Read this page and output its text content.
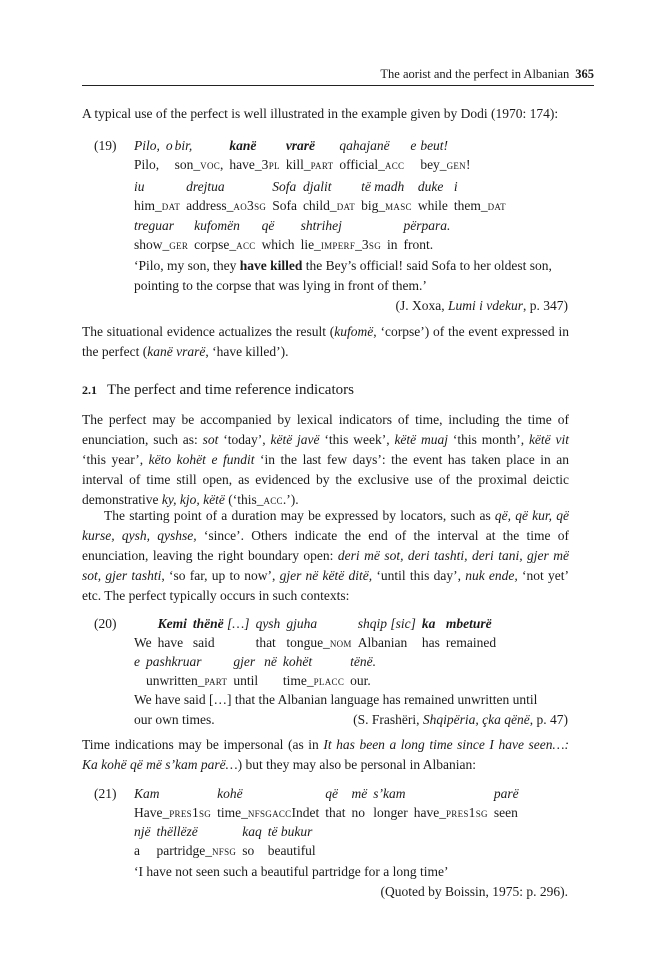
The aorist and the perfect in Albanian 365
A typical use of the perfect is well illustrated in the example given by Dodi (1970: 174):
(19) Pilo,	o	bir,	kanë	vrarë	qahajanë	e	beut!
Pilo,		son_voc,	have_3pl	kill_part	official_acc		bey_gen!
iu	drejtua	Sofa	djalit	të madh	duke	i
him_dat	address_ao3sg	Sofa	child_dat	big_masc	while	them_dat
treguar	kufomën	që	shtrihej		përpara.
show_ger	corpse_acc	which	lie_imperf_3sg	in	front.
‘Pilo, my son, they have killed the Bey’s official! said Sofa to her oldest son, pointing to the corpse that was lying in front of them.’
(J. Xoxa, Lumi i vdekur, p. 347)
The situational evidence actualizes the result (kufomë, ‘corpse’) of the event expressed in the perfect (kanë vrarë, ‘have killed’).
2.1 The perfect and time reference indicators
The perfect may be accompanied by lexical indicators of time, including the time of enunciation, such as: sot ‘today’, këtë javë ‘this week’, këtë muaj ‘this month’, këtë vit ‘this year’, këto kohët e fundit ‘in the last few days’: the event has taken place in an interval of time still open, as evidenced by the exclusive use of the proximal deictic demonstrative ky, kjo, këtë (‘this_acc.’).
The starting point of a duration may be expressed by locators, such as që, që kur, që kurse, qysh, qyshse, ‘since’. Others indicate the end of the interval at the time of enunciation, leaving the right boundary open: deri më sot, deri tashti, deri tani, gjer më sot, gjer tashti, ‘so far, up to now’, gjer në këtë ditë, ‘until this day’, nuk ende, ‘not yet’ etc. The perfect typically occurs in such contexts:
(20)
		Kemi	thënë […]	qysh	gjuha	shqip [sic]	ka	mbeturë
We	have	said	that	tongue_nom	Albanian	has	remained
e	pashkruar	gjer	në	kohët	tënë.
	unwritten_part	until		time_placc	our.
We have said […] that the Albanian language has remained unwritten until
our own times.	(S. Frashëri, Shqipëria, çka qënë, p. 47)
Time indications may be impersonal (as in It has been a long time since I have seen…: Ka kohë që më s’kam parë…) but they may also be personal in Albanian:
(21) Kam	kohë	që	më	s’kam		parë
Have_pres1sg	time_nfsgaccIndet	that	no	longer	have_pres1sg	seen
një	thëllëzë	kaq	të bukur
a	partridge_nfsg	so	beautiful
‘I have not seen such a beautiful partridge for a long time’
(Quoted by Boissin, 1975: p. 296).
